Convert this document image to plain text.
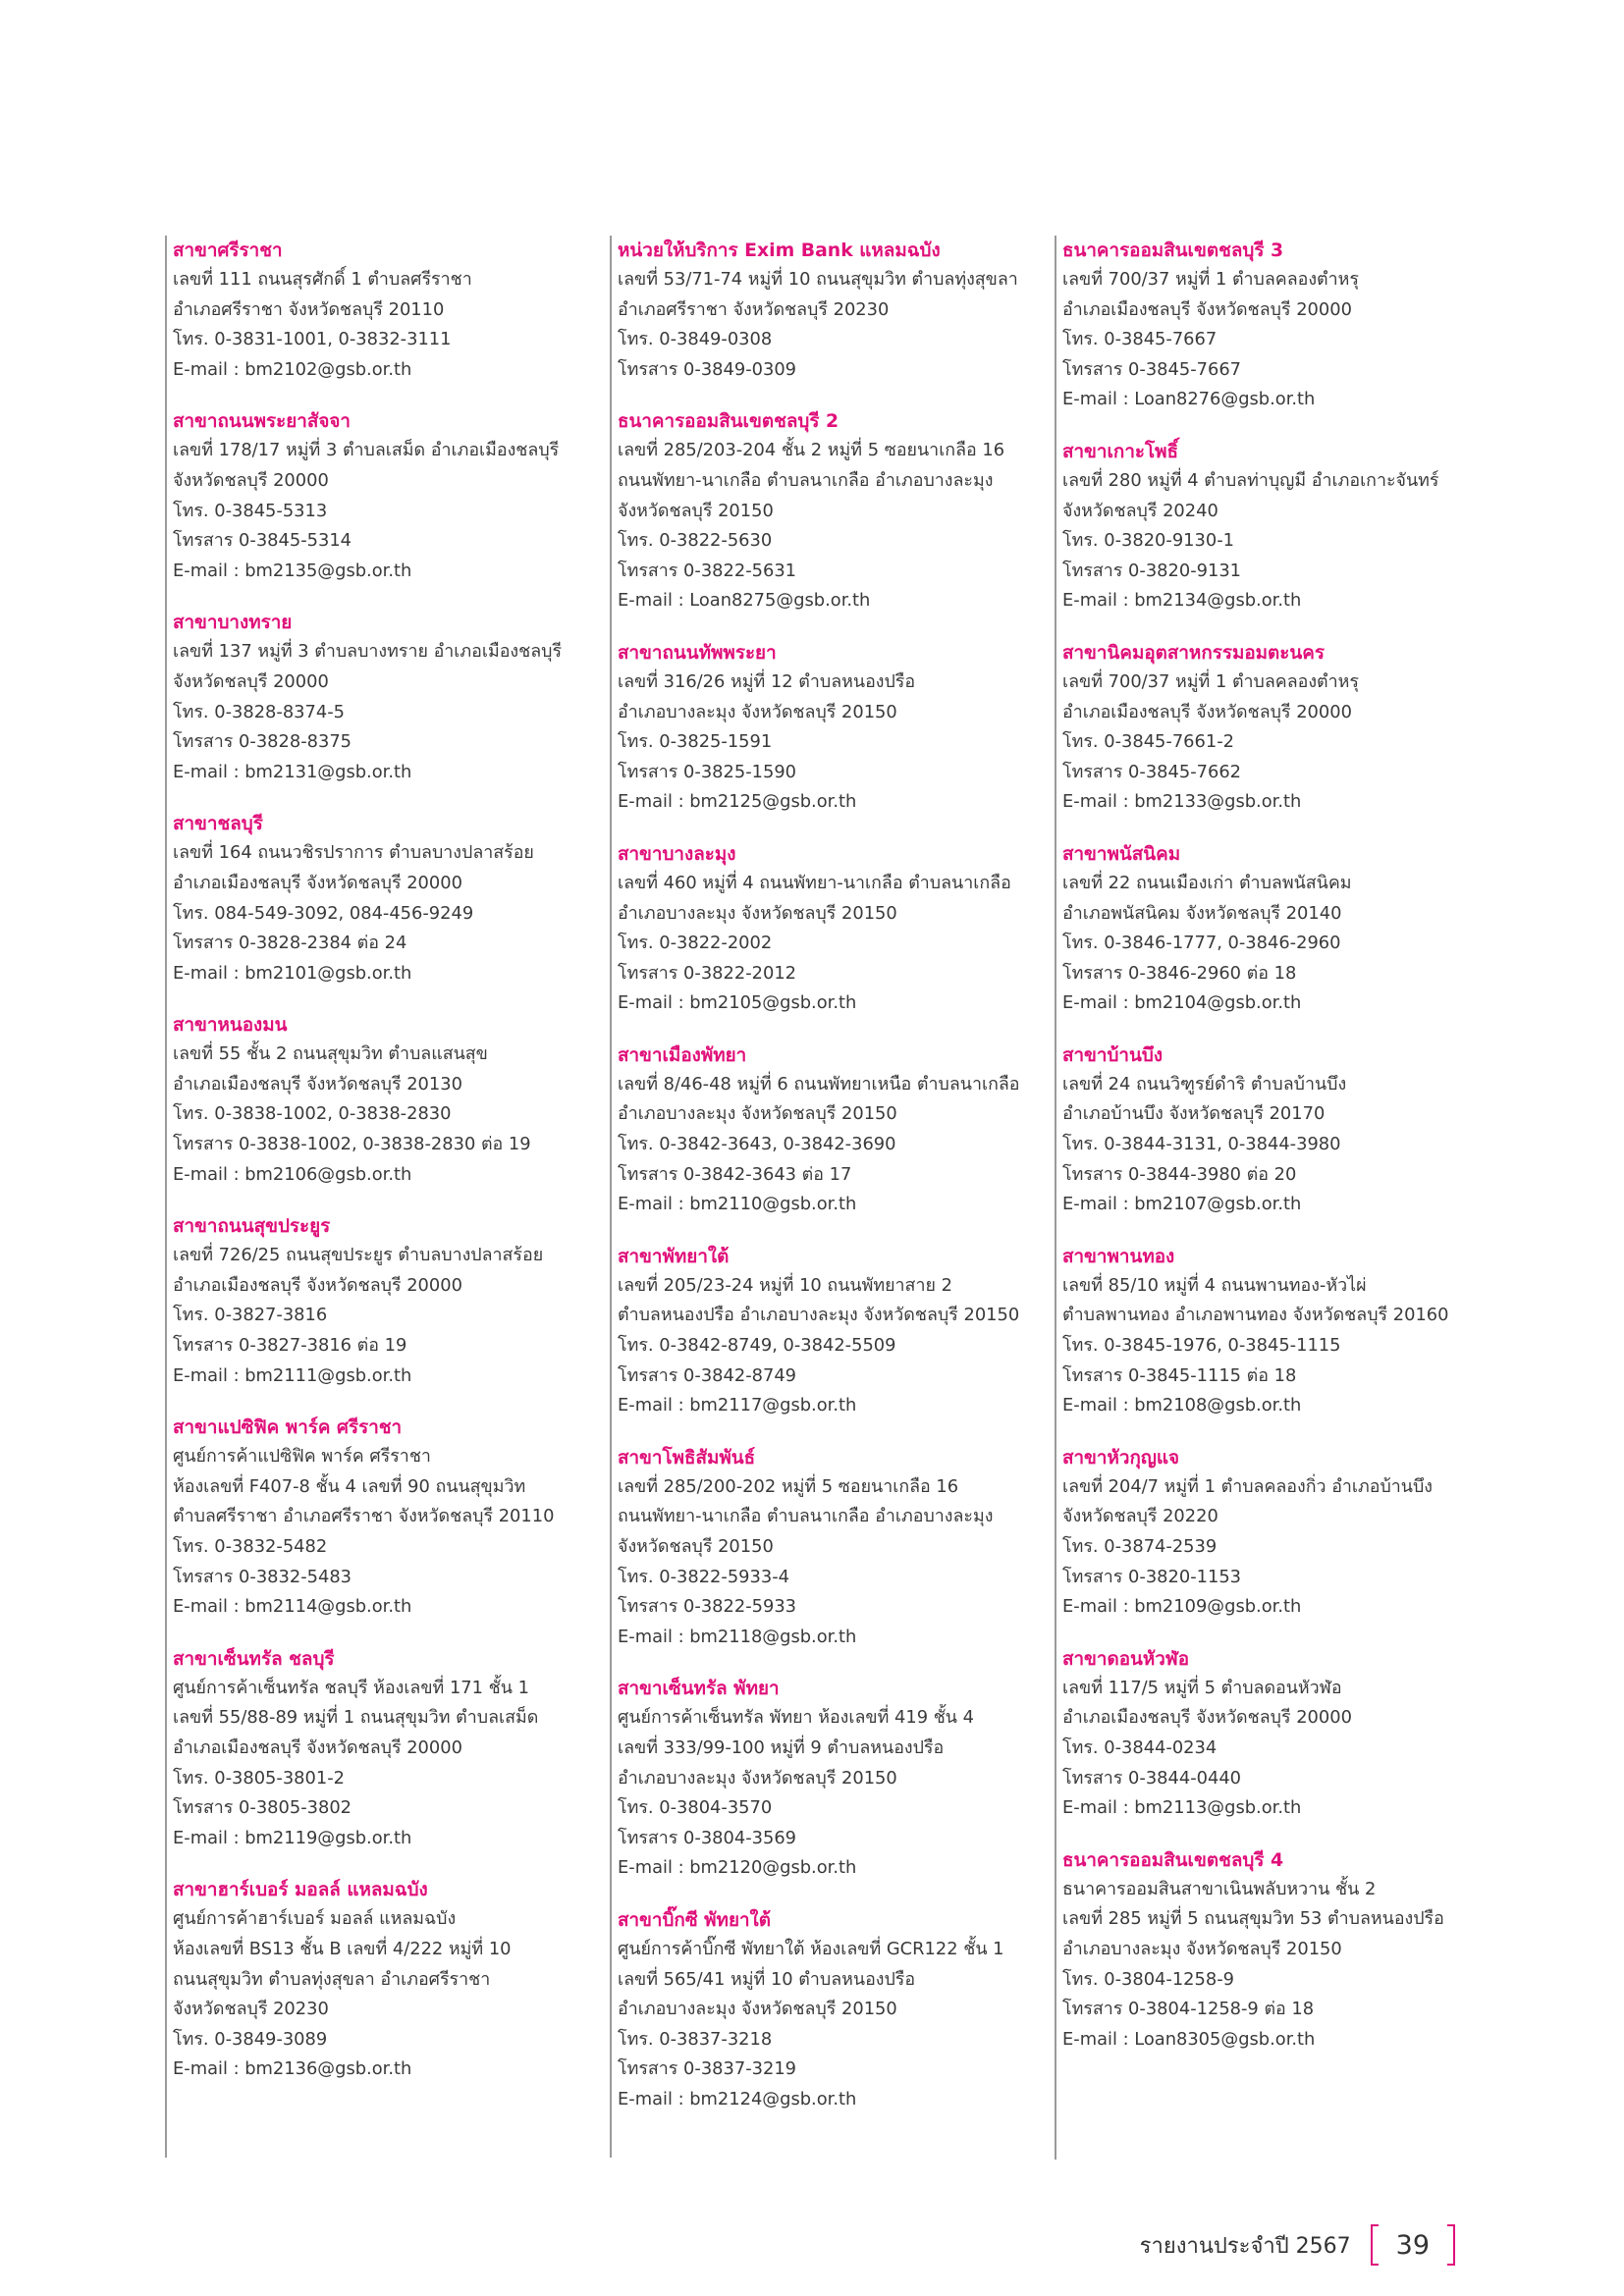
สาขาศรีราชา
เลขที่ 111 ถนนสุรศักดิ์ 1 ตำบลศรีราชา
อำเภอศรีราชา จังหวัดชลบุรี 20110
โทร. 0-3831-1001, 0-3832-3111
E-mail : bm2102@gsb.or.th
สาขาถนนพระยาสัจจา
เลขที่ 178/17 หมู่ที่ 3 ตำบลเสม็ด อำเภอเมืองชลบุรี
จังหวัดชลบุรี 20000
โทร. 0-3845-5313
โทรสาร 0-3845-5314
E-mail : bm2135@gsb.or.th
สาขาบางทราย
เลขที่ 137 หมู่ที่ 3 ตำบลบางทราย อำเภอเมืองชลบุรี
จังหวัดชลบุรี 20000
โทร. 0-3828-8374-5
โทรสาร 0-3828-8375
E-mail : bm2131@gsb.or.th
สาขาชลบุรี
เลขที่ 164 ถนนวชิรปราการ ตำบลบางปลาสร้อย
อำเภอเมืองชลบุรี จังหวัดชลบุรี 20000
โทร. 084-549-3092, 084-456-9249
โทรสาร 0-3828-2384 ต่อ 24
E-mail : bm2101@gsb.or.th
สาขาหนองมน
เลขที่ 55 ชั้น 2 ถนนสุขุมวิท ตำบลแสนสุข
อำเภอเมืองชลบุรี จังหวัดชลบุรี 20130
โทร. 0-3838-1002, 0-3838-2830
โทรสาร 0-3838-1002, 0-3838-2830 ต่อ 19
E-mail : bm2106@gsb.or.th
สาขาถนนสุขประยูร
เลขที่ 726/25 ถนนสุขประยูร ตำบลบางปลาสร้อย
อำเภอเมืองชลบุรี จังหวัดชลบุรี 20000
โทร. 0-3827-3816
โทรสาร 0-3827-3816 ต่อ 19
E-mail : bm2111@gsb.or.th
สาขาแปซิฟิค พาร์ค ศรีราชา
ศูนย์การค้าแปซิฟิค พาร์ค ศรีราชา
ห้องเลขที่ F407-8 ชั้น 4 เลขที่ 90 ถนนสุขุมวิท
ตำบลศรีราชา อำเภอศรีราชา จังหวัดชลบุรี 20110
โทร. 0-3832-5482
โทรสาร 0-3832-5483
E-mail : bm2114@gsb.or.th
สาขาเซ็นทรัล ชลบุรี
ศูนย์การค้าเซ็นทรัล ชลบุรี ห้องเลขที่ 171 ชั้น 1
เลขที่ 55/88-89 หมู่ที่ 1 ถนนสุขุมวิท ตำบลเสม็ด
อำเภอเมืองชลบุรี จังหวัดชลบุรี 20000
โทร. 0-3805-3801-2
โทรสาร 0-3805-3802
E-mail : bm2119@gsb.or.th
สาขาฮาร์เบอร์ มอลล์ แหลมฉบัง
ศูนย์การค้าฮาร์เบอร์ มอลล์ แหลมฉบัง
ห้องเลขที่ BS13 ชั้น B เลขที่ 4/222 หมู่ที่ 10
ถนนสุขุมวิท ตำบลทุ่งสุขลา อำเภอศรีราชา
จังหวัดชลบุรี 20230
โทร. 0-3849-3089
E-mail : bm2136@gsb.or.th
หน่วยให้บริการ Exim Bank แหลมฉบัง
เลขที่ 53/71-74 หมู่ที่ 10 ถนนสุขุมวิท ตำบลทุ่งสุขลา
อำเภอศรีราชา จังหวัดชลบุรี 20230
โทร. 0-3849-0308
โทรสาร 0-3849-0309
ธนาคารออมสินเขตชลบุรี 2
เลขที่ 285/203-204 ชั้น 2 หมู่ที่ 5 ซอยนาเกลือ 16
ถนนพัทยา-นาเกลือ ตำบลนาเกลือ อำเภอบางละมุง
จังหวัดชลบุรี 20150
โทร. 0-3822-5630
โทรสาร 0-3822-5631
E-mail : Loan8275@gsb.or.th
สาขาถนนทัพพระยา
เลขที่ 316/26 หมู่ที่ 12 ตำบลหนองปรือ
อำเภอบางละมุง จังหวัดชลบุรี 20150
โทร. 0-3825-1591
โทรสาร 0-3825-1590
E-mail : bm2125@gsb.or.th
สาขาบางละมุง
เลขที่ 460 หมู่ที่ 4 ถนนพัทยา-นาเกลือ ตำบลนาเกลือ
อำเภอบางละมุง จังหวัดชลบุรี 20150
โทร. 0-3822-2002
โทรสาร 0-3822-2012
E-mail : bm2105@gsb.or.th
สาขาเมืองพัทยา
เลขที่ 8/46-48 หมู่ที่ 6 ถนนพัทยาเหนือ ตำบลนาเกลือ
อำเภอบางละมุง จังหวัดชลบุรี 20150
โทร. 0-3842-3643, 0-3842-3690
โทรสาร 0-3842-3643 ต่อ 17
E-mail : bm2110@gsb.or.th
สาขาพัทยาใต้
เลขที่ 205/23-24 หมู่ที่ 10 ถนนพัทยาสาย 2
ตำบลหนองปรือ อำเภอบางละมุง จังหวัดชลบุรี 20150
โทร. 0-3842-8749, 0-3842-5509
โทรสาร 0-3842-8749
E-mail : bm2117@gsb.or.th
สาขาโพธิสัมพันธ์
เลขที่ 285/200-202 หมู่ที่ 5 ซอยนาเกลือ 16
ถนนพัทยา-นาเกลือ ตำบลนาเกลือ อำเภอบางละมุง
จังหวัดชลบุรี 20150
โทร. 0-3822-5933-4
โทรสาร 0-3822-5933
E-mail : bm2118@gsb.or.th
สาขาเซ็นทรัล พัทยา
ศูนย์การค้าเซ็นทรัล พัทยา ห้องเลขที่ 419 ชั้น 4
เลขที่ 333/99-100 หมู่ที่ 9 ตำบลหนองปรือ
อำเภอบางละมุง จังหวัดชลบุรี 20150
โทร. 0-3804-3570
โทรสาร 0-3804-3569
E-mail : bm2120@gsb.or.th
สาขาบิ๊กซี พัทยาใต้
ศูนย์การค้าบิ๊กซี พัทยาใต้ ห้องเลขที่ GCR122 ชั้น 1
เลขที่ 565/41 หมู่ที่ 10 ตำบลหนองปรือ
อำเภอบางละมุง จังหวัดชลบุรี 20150
โทร. 0-3837-3218
โทรสาร 0-3837-3219
E-mail : bm2124@gsb.or.th
ธนาคารออมสินเขตชลบุรี 3
เลขที่ 700/37 หมู่ที่ 1 ตำบลคลองตำหรุ
อำเภอเมืองชลบุรี จังหวัดชลบุรี 20000
โทร. 0-3845-7667
โทรสาร 0-3845-7667
E-mail : Loan8276@gsb.or.th
สาขาเกาะโพธิ์
เลขที่ 280 หมู่ที่ 4 ตำบลท่าบุญมี อำเภอเกาะจันทร์
จังหวัดชลบุรี 20240
โทร. 0-3820-9130-1
โทรสาร 0-3820-9131
E-mail : bm2134@gsb.or.th
สาขานิคมอุตสาหกรรมอมตะนคร
เลขที่ 700/37 หมู่ที่ 1 ตำบลคลองตำหรุ
อำเภอเมืองชลบุรี จังหวัดชลบุรี 20000
โทร. 0-3845-7661-2
โทรสาร 0-3845-7662
E-mail : bm2133@gsb.or.th
สาขาพนัสนิคม
เลขที่ 22 ถนนเมืองเก่า ตำบลพนัสนิคม
อำเภอพนัสนิคม จังหวัดชลบุรี 20140
โทร. 0-3846-1777, 0-3846-2960
โทรสาร 0-3846-2960 ต่อ 18
E-mail : bm2104@gsb.or.th
สาขาบ้านบึง
เลขที่ 24 ถนนวิฑูรย์ดำริ ตำบลบ้านบึง
อำเภอบ้านบึง จังหวัดชลบุรี 20170
โทร. 0-3844-3131, 0-3844-3980
โทรสาร 0-3844-3980 ต่อ 20
E-mail : bm2107@gsb.or.th
สาขาพานทอง
เลขที่ 85/10 หมู่ที่ 4 ถนนพานทอง-หัวไผ่
ตำบลพานทอง อำเภอพานทอง จังหวัดชลบุรี 20160
โทร. 0-3845-1976, 0-3845-1115
โทรสาร 0-3845-1115 ต่อ 18
E-mail : bm2108@gsb.or.th
สาขาหัวกุญแจ
เลขที่ 204/7 หมู่ที่ 1 ตำบลคลองกิ่ว อำเภอบ้านบึง
จังหวัดชลบุรี 20220
โทร. 0-3874-2539
โทรสาร 0-3820-1153
E-mail : bm2109@gsb.or.th
สาขาดอนหัวฬ่อ
เลขที่ 117/5 หมู่ที่ 5 ตำบลดอนหัวฬ่อ
อำเภอเมืองชลบุรี จังหวัดชลบุรี 20000
โทร. 0-3844-0234
โทรสาร 0-3844-0440
E-mail : bm2113@gsb.or.th
ธนาคารออมสินเขตชลบุรี 4
ธนาคารออมสินสาขาเนินพลับหวาน ชั้น 2
เลขที่ 285 หมู่ที่ 5 ถนนสุขุมวิท 53 ตำบลหนองปรือ
อำเภอบางละมุง จังหวัดชลบุรี 20150
โทร. 0-3804-1258-9
โทรสาร 0-3804-1258-9 ต่อ 18
E-mail : Loan8305@gsb.or.th
รายงานประจำปี 2567	39
